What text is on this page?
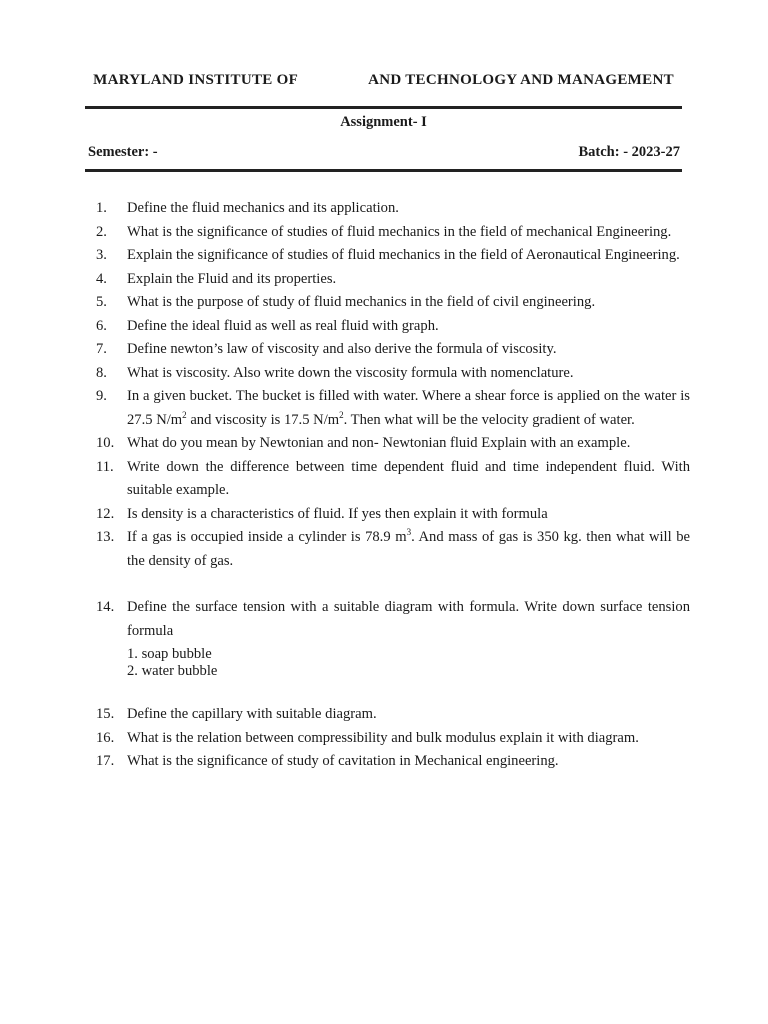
MARYLAND INSTITUTE OF	AND TECHNOLOGY AND MANAGEMENT
Assignment- I
Semester: -	Batch: - 2023-27
1.	Define the fluid mechanics and its application.
2.	What is the significance of studies of fluid mechanics in the field of mechanical Engineering.
3.	Explain the significance of studies of fluid mechanics in the field of Aeronautical Engineering.
4.	Explain the Fluid and its properties.
5.	What is the purpose of study of fluid mechanics in the field of civil engineering.
6.	Define the ideal fluid as well as real fluid with graph.
7.	Define newton’s law of viscosity and also derive the formula of viscosity.
8.	What is viscosity. Also write down the viscosity formula with nomenclature.
9.	In a given bucket. The bucket is filled with water. Where a shear force is applied on the water is 27.5 $N/m^2$ and viscosity is 17.5 $N/m^2$. Then what will be the velocity gradient of water.
10. What do you mean by Newtonian and non- Newtonian fluid Explain with an example.
11. Write down the difference between time dependent fluid and time independent fluid. With suitable example.
12. Is density is a characteristics of fluid. If yes then explain it with formula
13. If a gas is occupied inside a cylinder is 78.9 $m^3$. And mass of gas is 350 kg. then what will be the density of gas.
14. Define the surface tension with a suitable diagram with formula. Write down surface tension formula
1. soap bubble
2. water bubble
15. Define the capillary with suitable diagram.
16. What is the relation between compressibility and bulk modulus explain it with diagram.
17. What is the significance of study of cavitation in Mechanical engineering.
